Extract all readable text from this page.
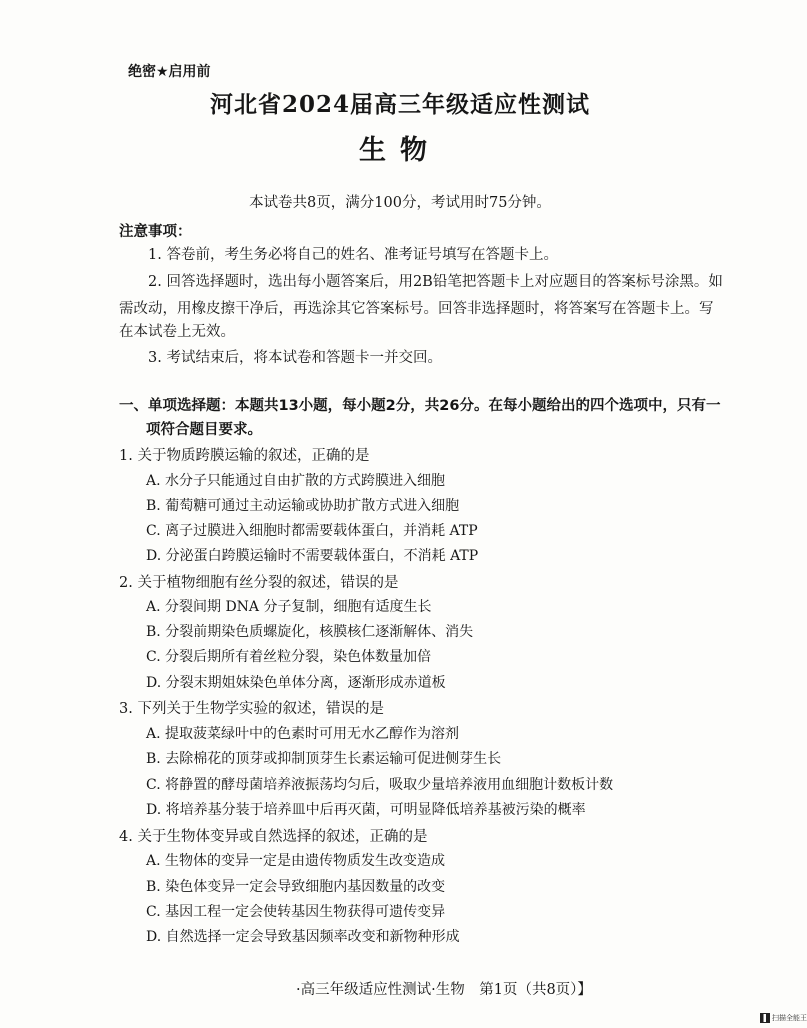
绝密★启用前
河北省2024届高三年级适应性测试
生物
本试卷共8页，满分100分，考试用时75分钟。
注意事项：
1. 答卷前，考生务必将自己的姓名、准考证号填写在答题卡上。
2. 回答选择题时，选出每小题答案后，用2B铅笔把答题卡上对应题目的答案标号涂黑。如
需改动，用橡皮擦干净后，再选涂其它答案标号。回答非选择题时，将答案写在答题卡上。写
在本试卷上无效。
3. 考试结束后，将本试卷和答题卡一并交回。
一、单项选择题：本题共13小题，每小题2分，共26分。在每小题给出的四个选项中，只有一
项符合题目要求。
1. 关于物质跨膜运输的叙述，正确的是
A. 水分子只能通过自由扩散的方式跨膜进入细胞
B. 葡萄糖可通过主动运输或协助扩散方式进入细胞
C. 离子过膜进入细胞时都需要载体蛋白，并消耗 ATP
D. 分泌蛋白跨膜运输时不需要载体蛋白，不消耗 ATP
2. 关于植物细胞有丝分裂的叙述，错误的是
A. 分裂间期 DNA 分子复制，细胞有适度生长
B. 分裂前期染色质螺旋化，核膜核仁逐渐解体、消失
C. 分裂后期所有着丝粒分裂，染色体数量加倍
D. 分裂末期姐妹染色单体分离，逐渐形成赤道板
3. 下列关于生物学实验的叙述，错误的是
A. 提取菠菜绿叶中的色素时可用无水乙醇作为溶剂
B. 去除棉花的顶芽或抑制顶芽生长素运输可促进侧芽生长
C. 将静置的酵母菌培养液振荡均匀后，吸取少量培养液用血细胞计数板计数
D. 将培养基分装于培养皿中后再灭菌，可明显降低培养基被污染的概率
4. 关于生物体变异或自然选择的叙述，正确的是
A. 生物体的变异一定是由遗传物质发生改变造成
B. 染色体变异一定会导致细胞内基因数量的改变
C. 基因工程一定会使转基因生物获得可遗传变异
D. 自然选择一定会导致基因频率改变和新物种形成
·高三年级适应性测试·生物　第1页（共8页）】
扫描全能王
